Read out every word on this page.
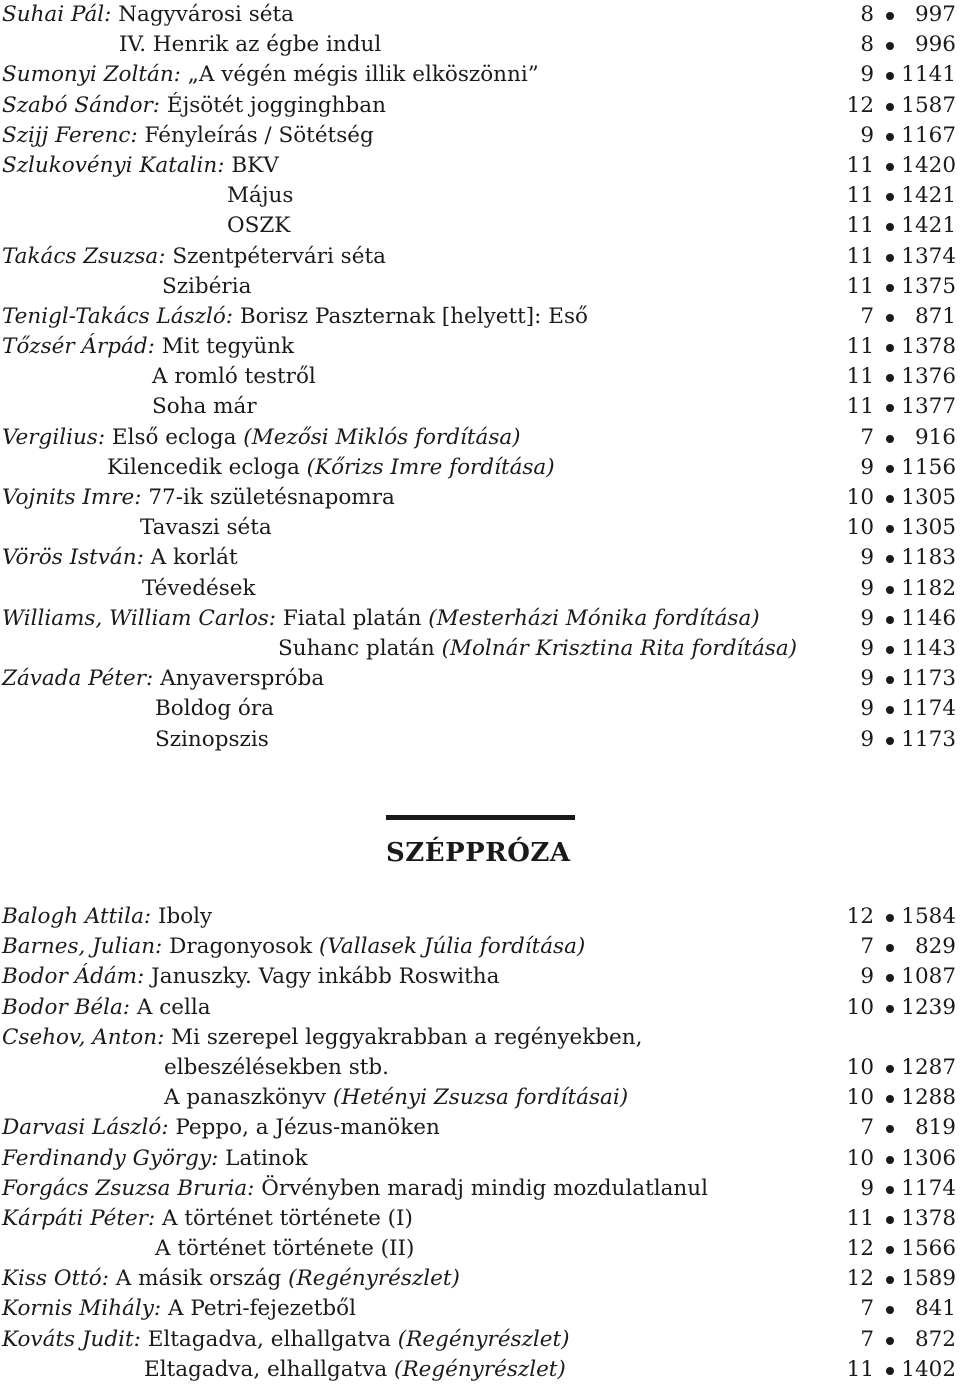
Suhai Pál: Nagyvárosi séta	8 997
IV. Henrik az égbe indul	8 996
Sumonyi Zoltán: „A végén mégis illik elköszönni”	9 1141
Szabó Sándor: Éjsötét jogginghban	12 1587
Szijj Ferenc: Fényleírás / Sötétség	9 1167
Szlukovényi Katalin: BKV	11 1420
Május	11 1421
OSZK	11 1421
Takács Zsuzsa: Szentpétervári séta	11 1374
Szibéria	11 1375
Tenigl-Takács László: Borisz Paszternak [helyett]: Eső	7 871
Tőzsér Árpád: Mit tegyünk	11 1378
A romló testről	11 1376
Soha már	11 1377
Vergilius: Első ecloga (Mezősi Miklós fordítása)	7 916
Kilencedik ecloga (Kőrizs Imre fordítása)	9 1156
Vojnits Imre: 77-ik születésnapomra	10 1305
Tavaszi séta	10 1305
Vörös István: A korlát	9 1183
Tévedések	9 1182
Williams, William Carlos: Fiatal platán (Mesterházi Mónika fordítása)	9 1146
Suhanc platán (Molnár Krisztina Rita fordítása)	9 1143
Závada Péter: Anyaverspróba	9 1173
Boldog óra	9 1174
Szinopszis	9 1173
SZÉPPRÓZA
Balogh Attila: Iboly	12 1584
Barnes, Julian: Dragonyosok (Vallasek Júlia fordítása)	7 829
Bodor Ádám: Januszky. Vagy inkább Roswitha	9 1087
Bodor Béla: A cella	10 1239
Csehov, Anton: Mi szerepel leggyakrabban a regényekben,
elbeszélésekben stb.	10 1287
A panaszkönyv (Hetényi Zsuzsa fordításai)	10 1288
Darvasi László: Peppo, a Jézus-manöken	7 819
Ferdinandy György: Latinok	10 1306
Forgács Zsuzsa Bruria: Örvényben maradj mindig mozdulatlanul	9 1174
Kárpáti Péter: A történet története (I)	11 1378
A történet története (II)	12 1566
Kiss Ottó: A másik ország (Regényrészlet)	12 1589
Kornis Mihály: A Petri-fejezetből	7 841
Kováts Judit: Eltagadva, elhallgatva (Regényrészlet)	7 872
Eltagadva, elhallgatva (Regényrészlet)	11 1402
